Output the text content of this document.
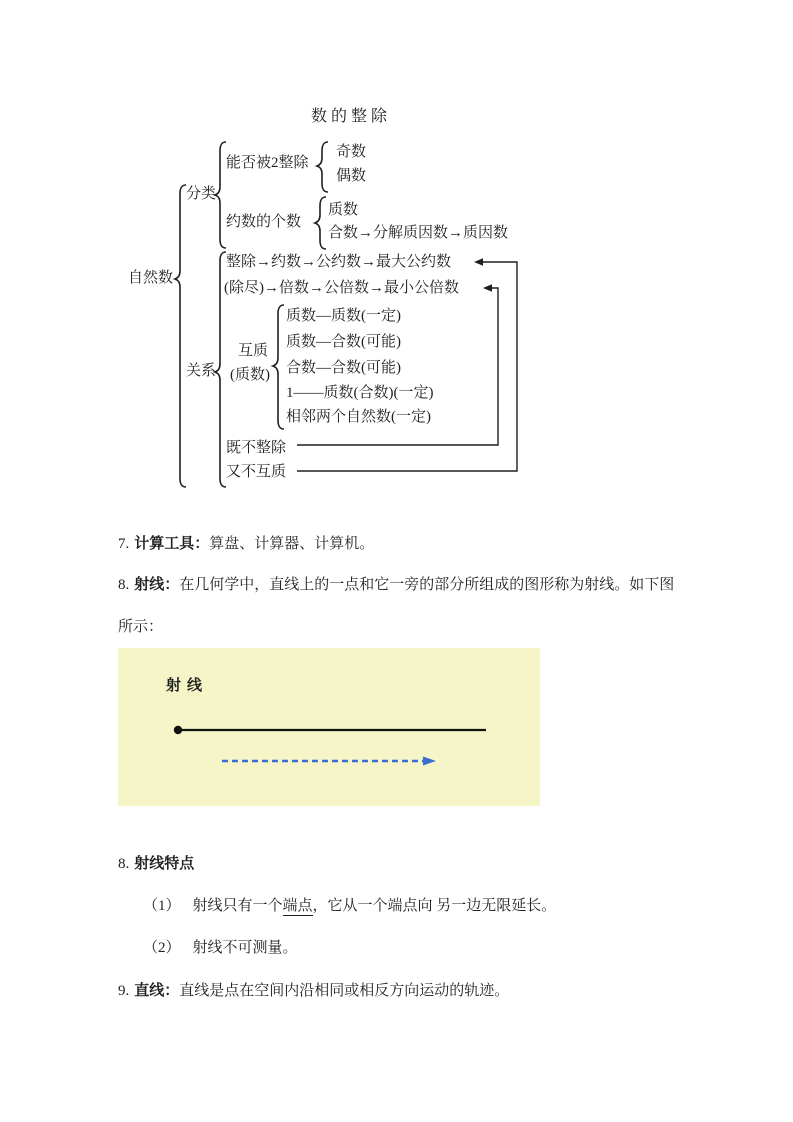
数的整除
射线
自然数
分类
能否被2整除
奇数
偶数
约数的个数
质数
合数→分解质因数→质因数
关系
整除→约数→公约数→最大公约数
(除尽)→倍数→公倍数→最小公倍数
互质
(质数)
质数—质数(一定)
质数—合数(可能)
合数—合数(可能)
1——质数(合数)(一定)
相邻两个自然数(一定)
既不整除
又不互质
7. 计算工具：算盘、计算器、计算机。
8. 射线：在几何学中，直线上的一点和它一旁的部分所组成的图形称为射线。如下图
所示：
8. 射线特点
（1） 射线只有一个端点，它从一个端点向 另一边无限延长。
（2） 射线不可测量。
9. 直线：直线是点在空间内沿相同或相反方向运动的轨迹。
